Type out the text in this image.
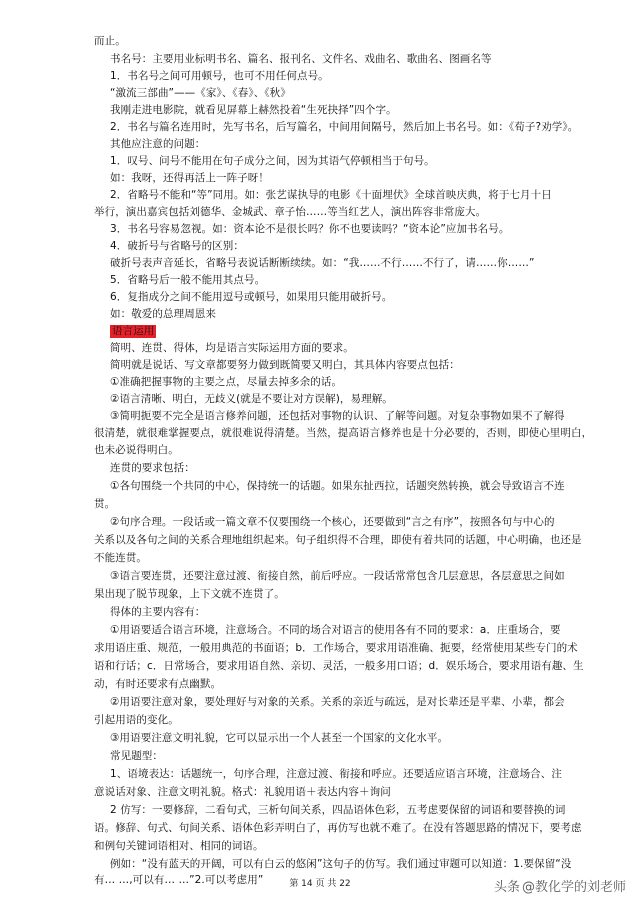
而止。
书名号：主要用业标明书名、篇名、报刊名、文件名、戏曲名、歌曲名、图画名等
1．书名号之间可用顿号，也可不用任何点号。
“激流三部曲”——《家》、《春》、《秋》
我刚走进电影院，就看见屏幕上赫然投着“生死抉择”四个字。
2．书名与篇名连用时，先写书名，后写篇名，中间用间隔号，然后加上书名号。如：《荀子?劝学》。
其他应注意的问题：
1．叹号、问号不能用在句子成分之间，因为其语气停顿相当于句号。
如：我呀，还得再活上一阵子呀！
2．省略号不能和“等”同用。如：张艺谋执导的电影《十面埋伏》全球首映庆典，将于七月十日
举行，演出嘉宾包括刘德华、金城武、章子怡……等当红艺人，演出阵容非常庞大。
3．书名号容易忽视。如：资本论不是很长吗？你不也要读吗？“资本论”应加书名号。
4．破折号与省略号的区别：
破折号表声音延长，省略号表说话断断续续。如：“我……不行……不行了，请……你……”
5．省略号后一般不能用其点号。
6．复指成分之间不能用逗号或顿号，如果用只能用破折号。
如：敬爱的总理周恩来
语言运用
简明、连贯、得体，均是语言实际运用方面的要求。
简明就是说话、写文章都要努力做到既简要又明白，其具体内容要点包括：
①准确把握事物的主要之点，尽量去掉多余的话。
②语言清晰、明白，无歧义(就是不要让对方误解)，易理解。
③简明扼要不完全是语言修养问题，还包括对事物的认识、了解等问题。对复杂事物如果不了解得
很清楚，就很难掌握要点，就很难说得清楚。当然，提高语言修养也是十分必要的，否则，即使心里明白，
也未必说得明白。
连贯的要求包括：
①各句围绕一个共同的中心，保持统一的话题。如果东扯西拉，话题突然转换，就会导致语言不连
贯。
②句序合理。一段话或一篇文章不仅要围绕一个核心，还要做到“言之有序”，按照各句与中心的
关系以及各句之间的关系合理地组织起来。句子组织得不合理，即使有着共同的话题，中心明确，也还是
不能连贯。
③语言要连贯，还要注意过渡、衔接自然，前后呼应。一段话常常包含几层意思，各层意思之间如
果出现了脱节现象，上下文就不连贯了。
得体的主要内容有：
①用语要适合语言环境，注意场合。不同的场合对语言的使用各有不同的要求：a．庄重场合，要
求用语庄重、规范，一般用典范的书面语；b．工作场合，要求用语准确、扼要，经常使用某些专门的术
语和行话；c．日常场合，要求用语自然、亲切、灵活，一般多用口语；d．娱乐场合，要求用语有趣、生
动，有时还要求有点幽默。
②用语要注意对象，要处理好与对象的关系。关系的亲近与疏远，是对长辈还是平辈、小辈，都会
引起用语的变化。
③用语要注意文明礼貌，它可以显示出一个人甚至一个国家的文化水平。
常见题型：
1、语境表达：话题统一，句序合理，注意过渡、衔接和呼应。还要适应语言环境，注意场合、注
意说话对象、注意文明礼貌。格式：礼貌用语＋表达内容＋询问
2 仿写：一要修辞，二看句式，三析句间关系，四品语体色彩，五考虑要保留的词语和要替换的词
语。修辞、句式、句间关系、语体色彩弄明白了，再仿写也就不难了。在没有答题思路的情况下，要考虑
和例句关键词语相对、相同的词语。
例如：“没有蓝天的开阔，可以有白云的悠闲”这句子的仿写。我们通过审题可以知道：1.要保留“没
有… …,可以有… …”2.可以考虑用”	第 14 页 共 22	头条 @教化学的刘老师
